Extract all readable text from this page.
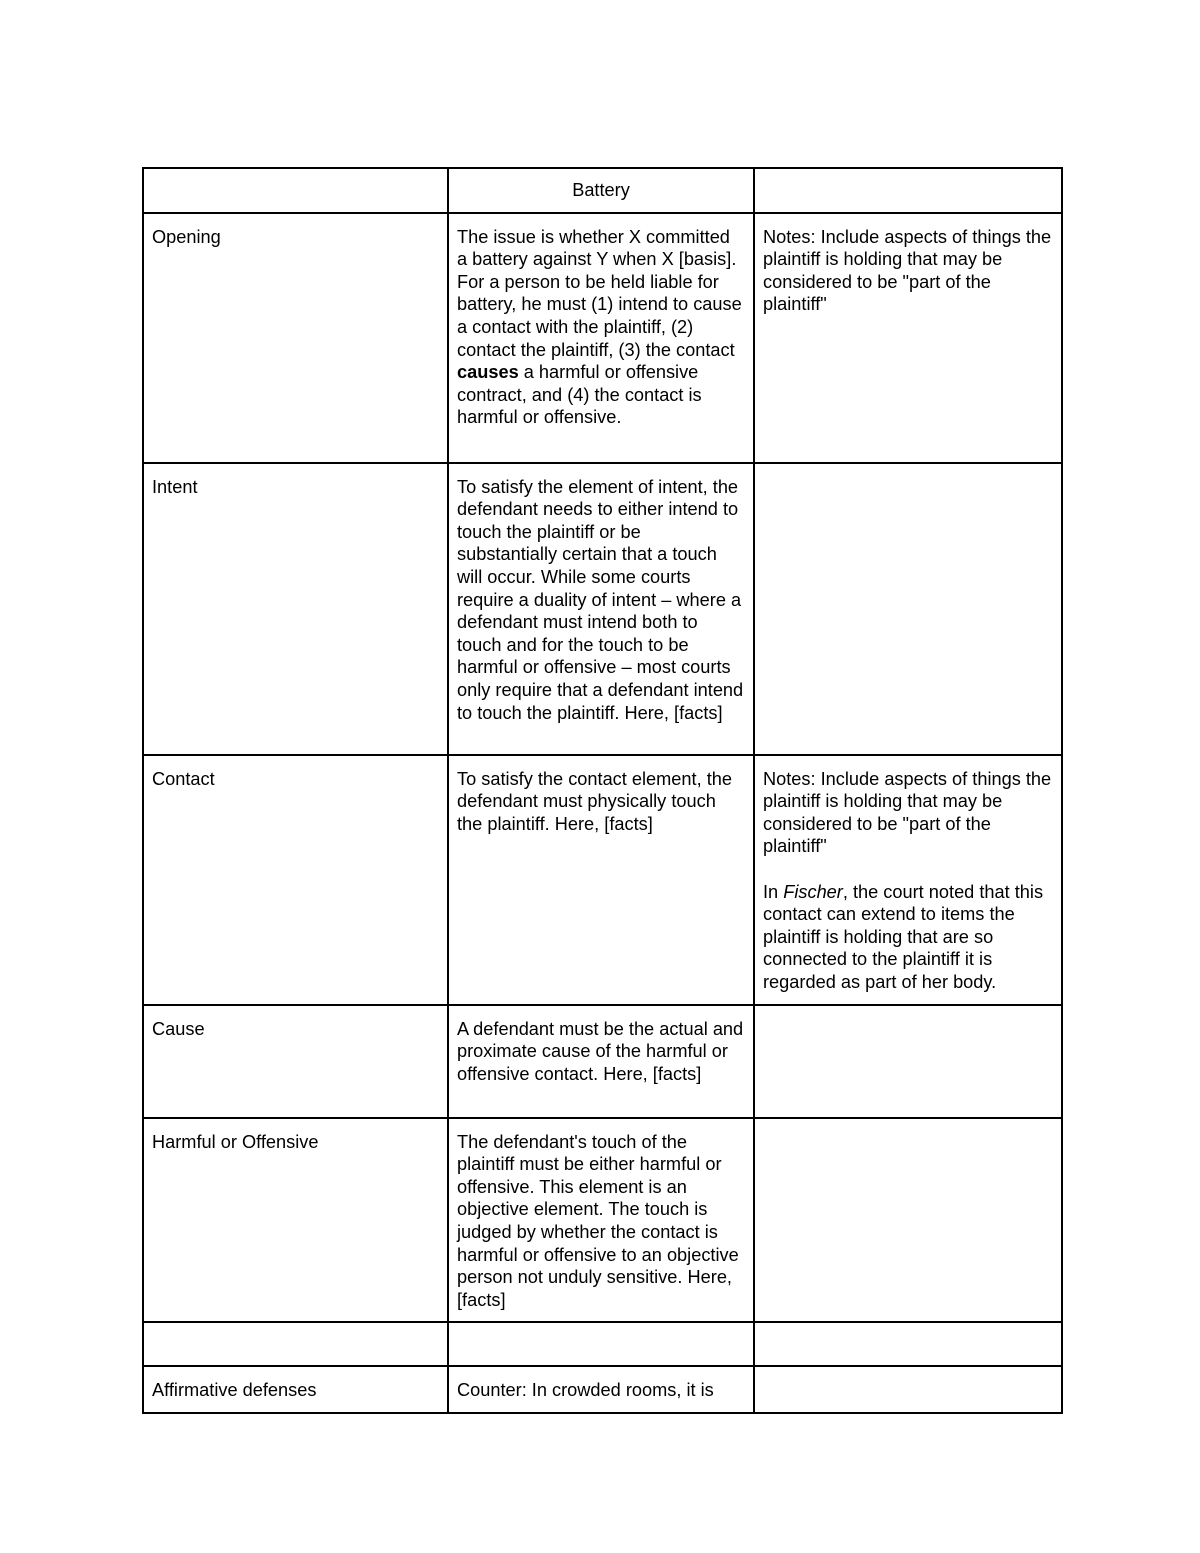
	Battery	
Opening	The issue is whether X committed a battery against Y when X [basis]. For a person to be held liable for battery, he must (1) intend to cause a contact with the plaintiff, (2) contact the plaintiff, (3) the contact causes a harmful or offensive contract, and (4) the contact is harmful or offensive.	Notes: Include aspects of things the plaintiff is holding that may be considered to be "part of the plaintiff"
Intent	To satisfy the element of intent, the defendant needs to either intend to touch the plaintiff or be substantially certain that a touch will occur. While some courts require a duality of intent – where a defendant must intend both to touch and for the touch to be harmful or offensive – most courts only require that a defendant intend to touch the plaintiff. Here, [facts]	
Contact	To satisfy the contact element, the defendant must physically touch the plaintiff. Here, [facts]	Notes: Include aspects of things the plaintiff is holding that may be considered to be "part of the plaintiff"
In Fischer, the court noted that this contact can extend to items the plaintiff is holding that are so connected to the plaintiff it is regarded as part of her body.

Cause	A defendant must be the actual and proximate cause of the harmful or offensive contact. Here, [facts]	
Harmful or Offensive	The defendant's touch of the plaintiff must be either harmful or offensive. This element is an objective element. The touch is judged by whether the contact is harmful or offensive to an objective person not unduly sensitive. Here, [facts]	

Affirmative defenses	Counter: In crowded rooms, it is	
